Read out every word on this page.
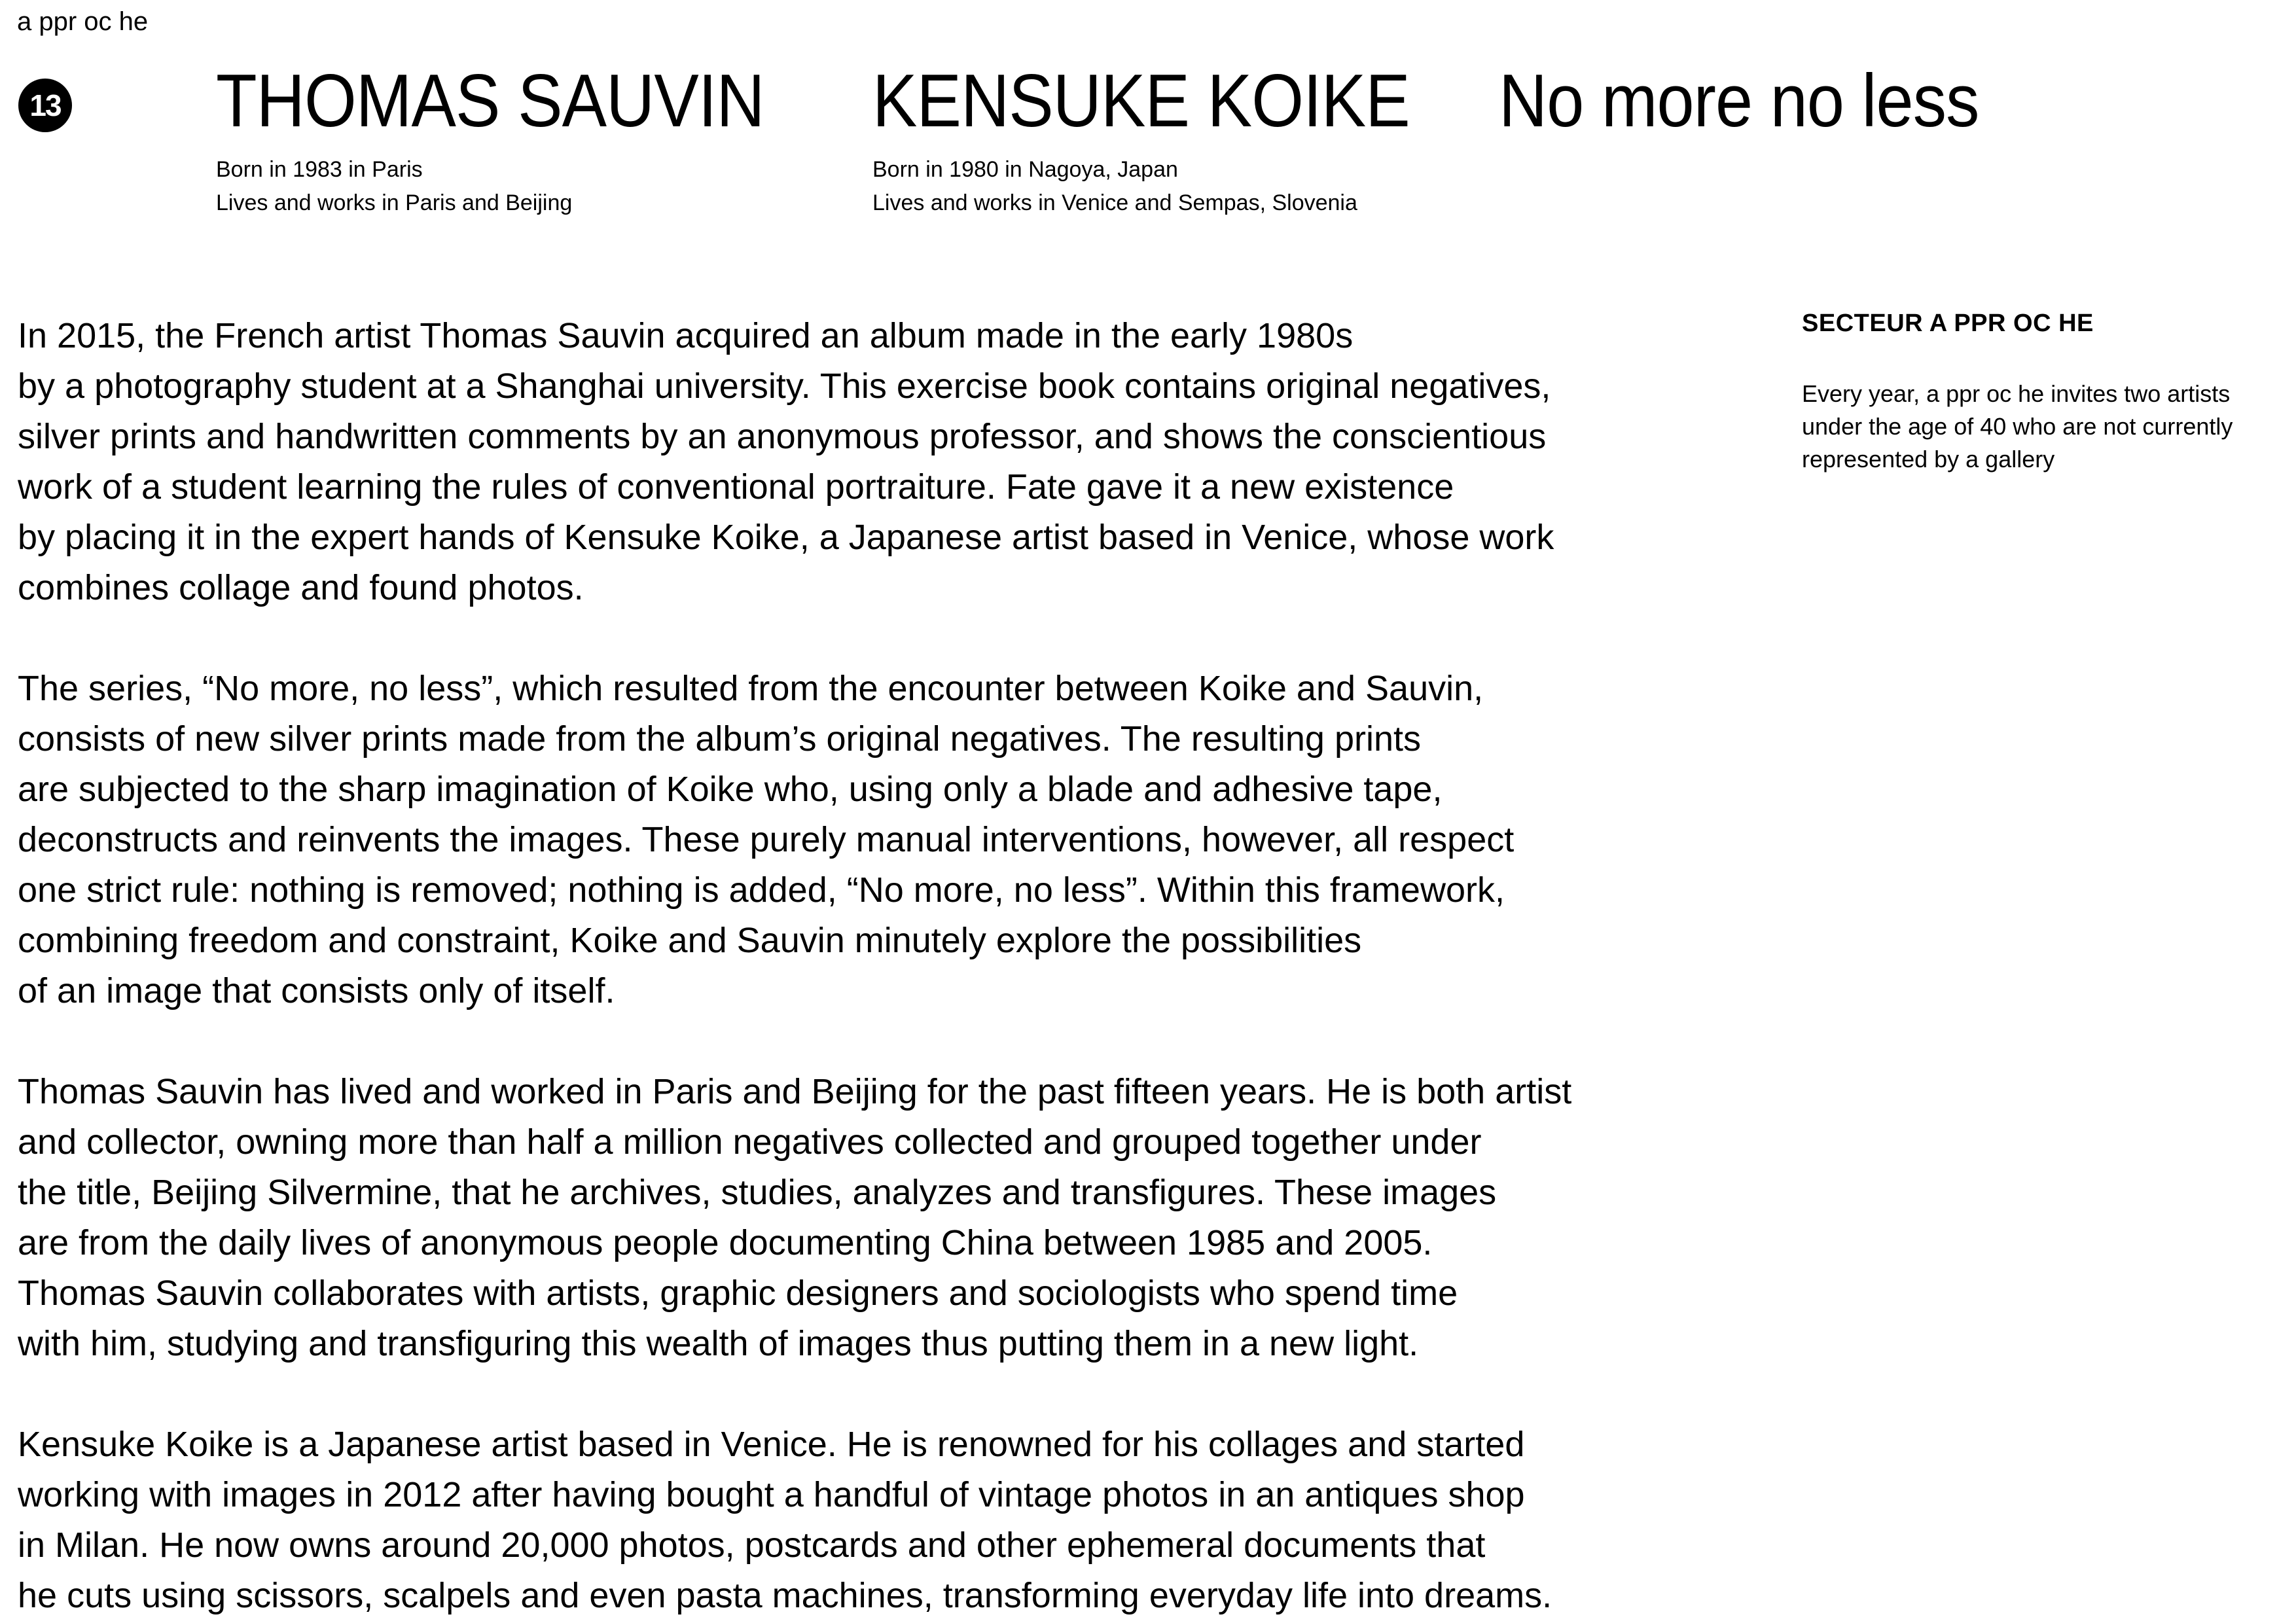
a ppr oc he
13 THOMAS SAUVIN KENSUKE KOIKE No more no less
Born in 1983 in Paris
Lives and works in Paris and Beijing
Born in 1980 in Nagoya, Japan
Lives and works in Venice and Sempas, Slovenia
In 2015, the French artist Thomas Sauvin acquired an album made in the early 1980s
by a photography student at a Shanghai university. This exercise book contains original negatives,
silver prints and handwritten comments by an anonymous professor, and shows the conscientious
work of a student learning the rules of conventional portraiture. Fate gave it a new existence
by placing it in the expert hands of Kensuke Koike, a Japanese artist based in Venice, whose work
combines collage and found photos.
The series, “No more, no less”, which resulted from the encounter between Koike and Sauvin,
consists of new silver prints made from the album’s original negatives. The resulting prints
are subjected to the sharp imagination of Koike who, using only a blade and adhesive tape,
deconstructs and reinvents the images. These purely manual interventions, however, all respect
one strict rule: nothing is removed; nothing is added, “No more, no less”. Within this framework,
combining freedom and constraint, Koike and Sauvin minutely explore the possibilities
of an image that consists only of itself.
Thomas Sauvin has lived and worked in Paris and Beijing for the past fifteen years. He is both artist
and collector, owning more than half a million negatives collected and grouped together under
the title, Beijing Silvermine, that he archives, studies, analyzes and transfigures. These images
are from the daily lives of anonymous people documenting China between 1985 and 2005.
Thomas Sauvin collaborates with artists, graphic designers and sociologists who spend time
with him, studying and transfiguring this wealth of images thus putting them in a new light.
Kensuke Koike is a Japanese artist based in Venice. He is renowned for his collages and started
working with images in 2012 after having bought a handful of vintage photos in an antiques shop
in Milan. He now owns around 20,000 photos, postcards and other ephemeral documents that
he cuts using scissors, scalpels and even pasta machines, transforming everyday life into dreams.
SECTEUR A PPR OC HE
Every year, a ppr oc he invites two artists
under the age of 40 who are not currently
represented by a gallery
